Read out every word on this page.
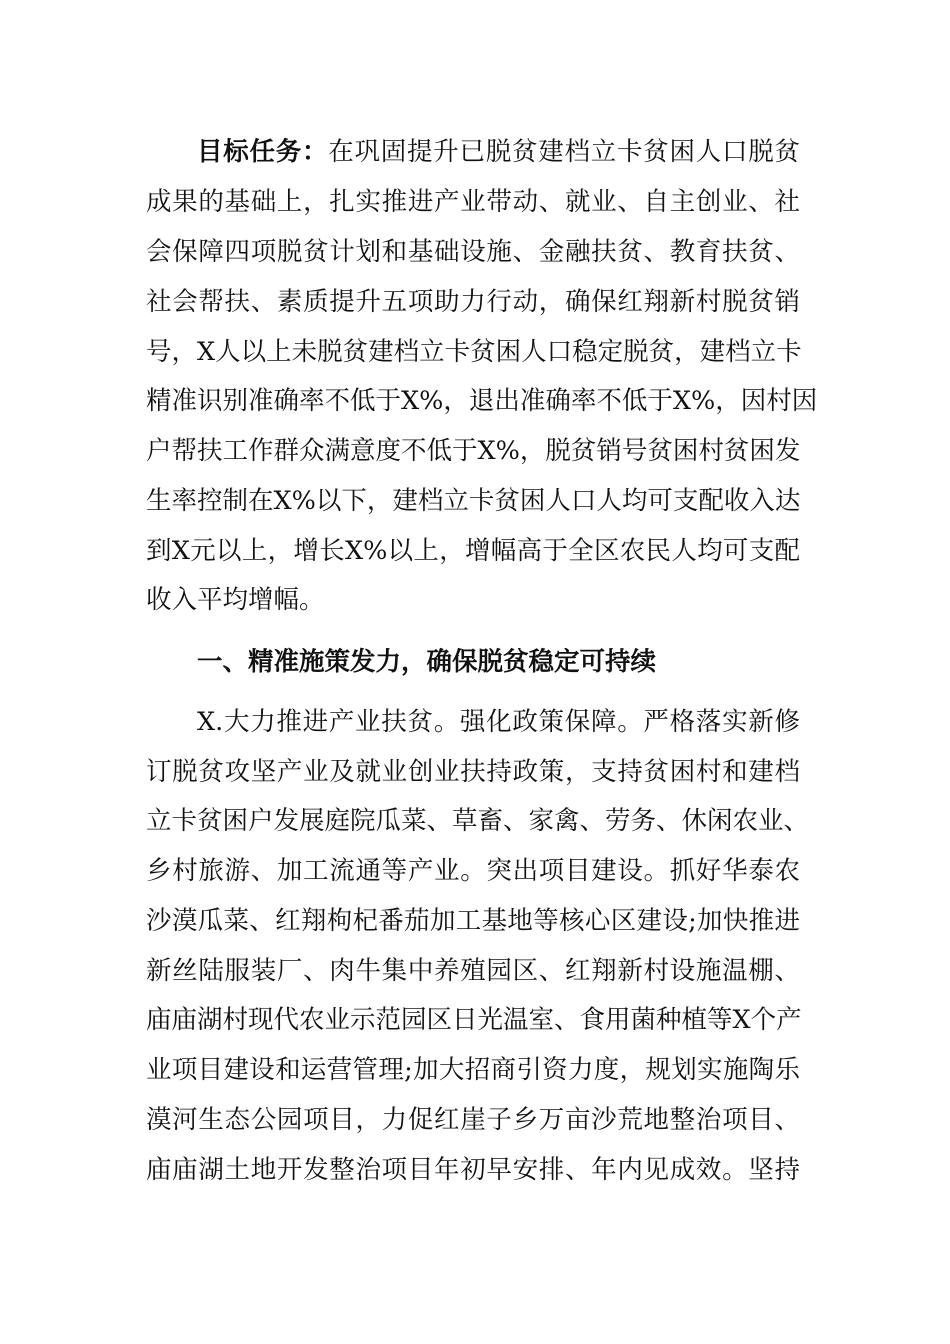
目标任务：在巩固提升已脱贫建档立卡贫困人口脱贫
成果的基础上，扎实推进产业带动、就业、自主创业、社
会保障四项脱贫计划和基础设施、金融扶贫、教育扶贫、
社会帮扶、素质提升五项助力行动，确保红翔新村脱贫销
号，X人以上未脱贫建档立卡贫困人口稳定脱贫，建档立卡
精准识别准确率不低于X%，退出准确率不低于X%，因村因
户帮扶工作群众满意度不低于X%，脱贫销号贫困村贫困发
生率控制在X%以下，建档立卡贫困人口人均可支配收入达
到X元以上，增长X%以上，增幅高于全区农民人均可支配
收入平均增幅。
一、精准施策发力，确保脱贫稳定可持续
X.大力推进产业扶贫。强化政策保障。严格落实新修
订脱贫攻坚产业及就业创业扶持政策，支持贫困村和建档
立卡贫困户发展庭院瓜菜、草畜、家禽、劳务、休闲农业、
乡村旅游、加工流通等产业。突出项目建设。抓好华泰农
沙漠瓜菜、红翔枸杞番茄加工基地等核心区建设;加快推进
新丝陆服装厂、肉牛集中养殖园区、红翔新村设施温棚、
庙庙湖村现代农业示范园区日光温室、食用菌种植等X个产
业项目建设和运营管理;加大招商引资力度，规划实施陶乐
漠河生态公园项目，力促红崖子乡万亩沙荒地整治项目、
庙庙湖土地开发整治项目年初早安排、年内见成效。坚持
